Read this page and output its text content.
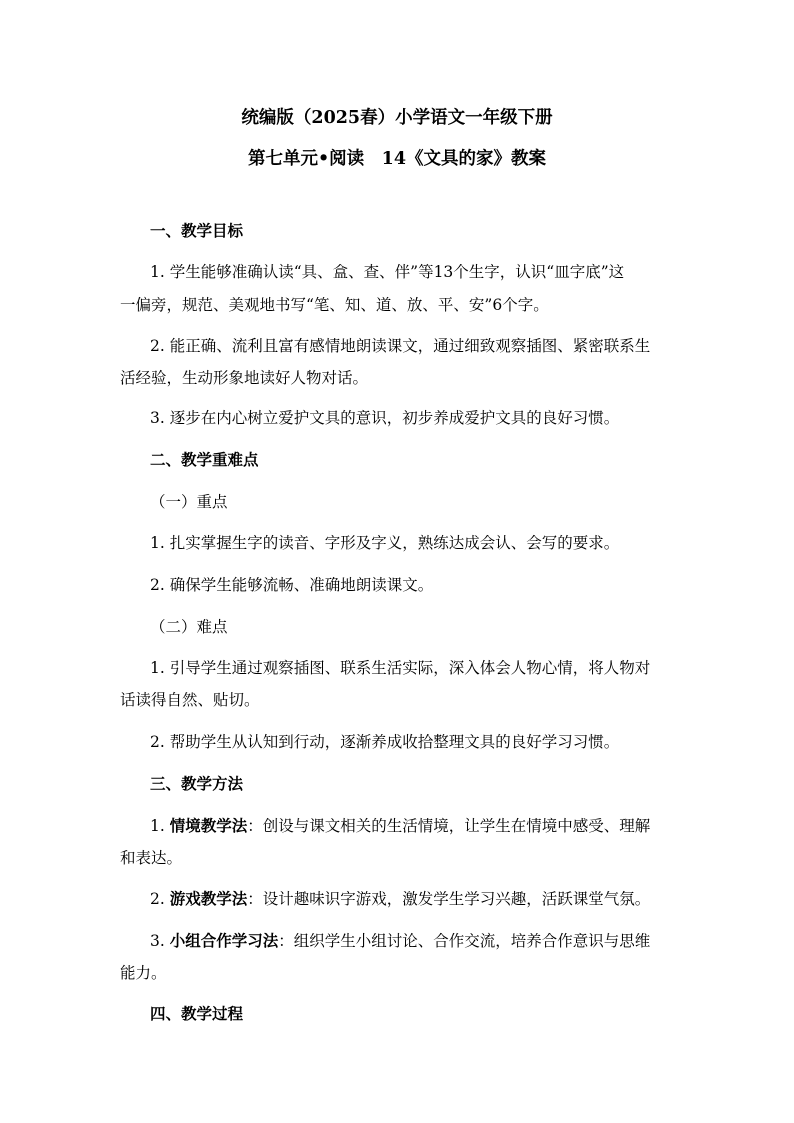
统编版（2025春）小学语文一年级下册
第七单元•阅读　14《文具的家》教案
一、教学目标
1. 学生能够准确认读“具、盒、查、伴”等13个生字，认识“皿字底”这
一偏旁，规范、美观地书写“笔、知、道、放、平、安”6个字。
2. 能正确、流利且富有感情地朗读课文，通过细致观察插图、紧密联系生
活经验，生动形象地读好人物对话。
3. 逐步在内心树立爱护文具的意识，初步养成爱护文具的良好习惯。
二、教学重难点
（一）重点
1. 扎实掌握生字的读音、字形及字义，熟练达成会认、会写的要求。
2. 确保学生能够流畅、准确地朗读课文。
（二）难点
1. 引导学生通过观察插图、联系生活实际，深入体会人物心情，将人物对
话读得自然、贴切。
2. 帮助学生从认知到行动，逐渐养成收拾整理文具的良好学习习惯。
三、教学方法
1. 情境教学法：创设与课文相关的生活情境，让学生在情境中感受、理解
和表达。
2. 游戏教学法：设计趣味识字游戏，激发学生学习兴趣，活跃课堂气氛。
3. 小组合作学习法：组织学生小组讨论、合作交流，培养合作意识与思维
能力。
四、教学过程
